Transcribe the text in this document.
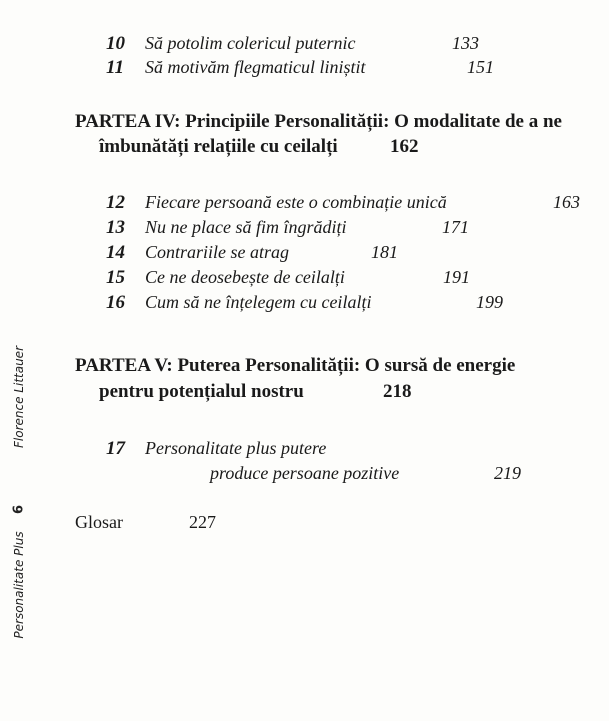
10 Să potolim colericul puternic	133
11 Să motivăm flegmaticul liniștit	151
PARTEA IV: Principiile Personalității: O modalitate de a ne
îmbunătăți relațiile cu ceilalți	162
12 Fiecare persoană este o combinație unică	163
13 Nu ne place să fim îngrădiți	171
14 Contrariile se atrag	181
15 Ce ne deosebește de ceilalți	191
16 Cum să ne înțelegem cu ceilalți	199
PARTEA V: Puterea Personalității: O sursă de energie
pentru potențialul nostru	218
17 Personalitate plus putere
produce persoane pozitive	219
Glosar	227
Florence Littauer
6
Personalitate Plus
